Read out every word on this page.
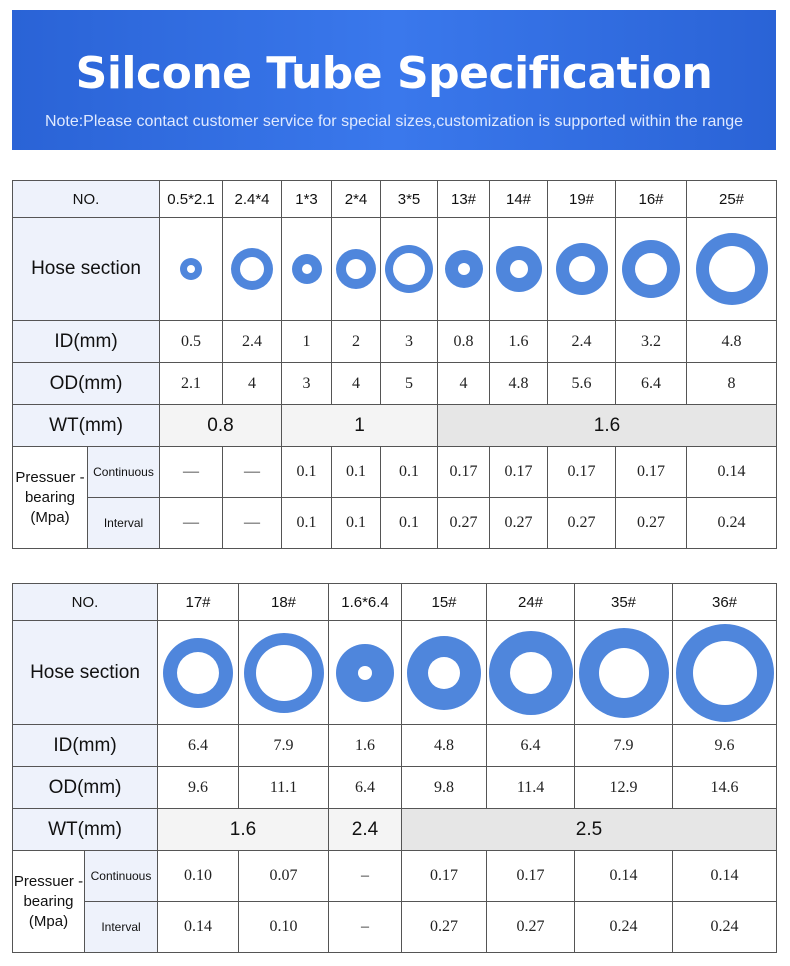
Silcone Tube Specification
Note:Please contact customer service for special sizes,customization is supported within the range
NO.		0.5*2.1	2.4*4	1*3	2*4	3*5	13#	14#	19#	16#	25#
Hose section		

ID(mm)		0.5	2.4	1	2	3	0.8	1.6	2.4	3.2	4.8
OD(mm)		2.1	4	3	4	5	4	4.8	5.6	6.4	8
WT(mm)		0.8		1			1.6				
Pressuer -bearing (Mpa)	Continuous	—	—	0.1	0.1	0.1	0.17	0.17	0.17	0.17	0.14
	Interval	—	—	0.1	0.1	0.1	0.27	0.27	0.27	0.27	0.24
NO.		17#	18#	1.6*6.4	15#	24#	35#	36#
Hose section		

ID(mm)		6.4	7.9	1.6	4.8	6.4	7.9	9.6
OD(mm)		9.6	11.1	6.4	9.8	11.4	12.9	14.6
WT(mm)		1.6		2.4	2.5			
Pressuer -bearing (Mpa)	Continuous	0.10	0.07	–	0.17	0.17	0.14	0.14
	Interval	0.14	0.10	–	0.27	0.27	0.24	0.24
